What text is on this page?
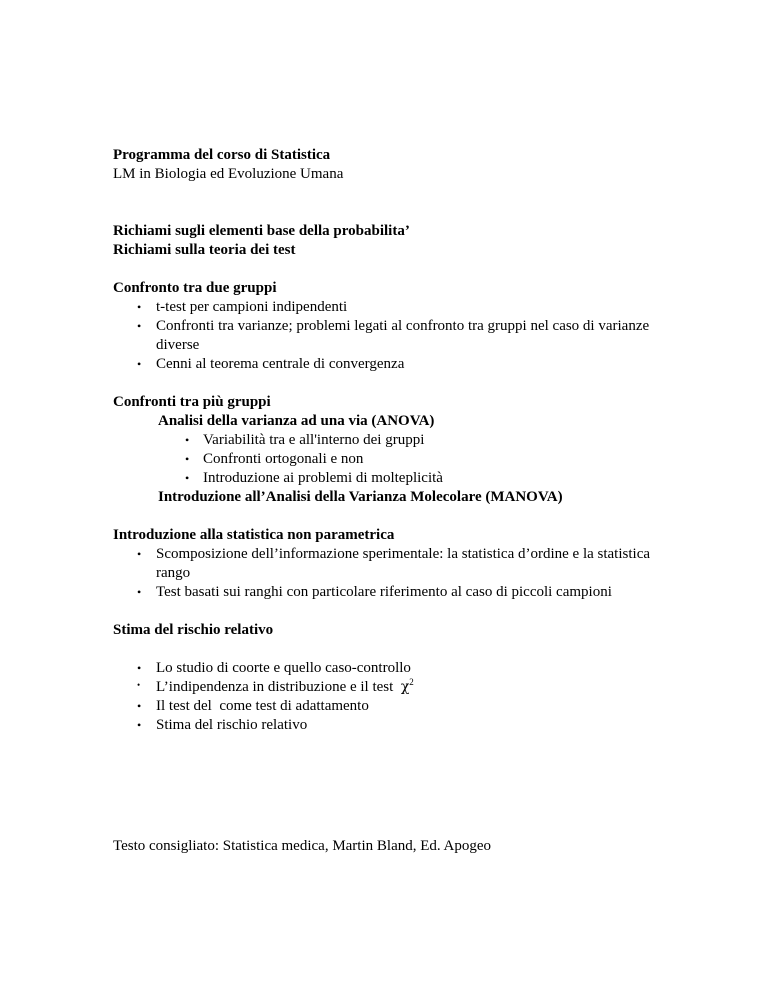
Programma del corso di Statistica
LM in Biologia ed Evoluzione Umana
Richiami sugli elementi base della probabilita’
Richiami sulla teoria dei test
Confronto tra due gruppi
• t-test per campioni indipendenti
• Confronti tra varianze; problemi legati al confronto tra gruppi nel caso di varianze diverse
• Cenni al teorema centrale di convergenza
Confronti tra più gruppi
Analisi della varianza ad una via (ANOVA)
• Variabilità tra e all'interno dei gruppi
• Confronti ortogonali e non
• Introduzione ai problemi di molteplicità
Introduzione all’Analisi della Varianza Molecolare (MANOVA)
Introduzione alla statistica non parametrica
• Scomposizione dell’informazione sperimentale: la statistica d’ordine e la statistica rango
• Test basati sui ranghi con particolare riferimento al caso di piccoli campioni
Stima del rischio relativo
• Lo studio di coorte e quello caso-controllo
• L’indipendenza in distribuzione e il test $\chi^2$
• Il test del  come test di adattamento
• Stima del rischio relativo
Testo consigliato: Statistica medica, Martin Bland, Ed. Apogeo
